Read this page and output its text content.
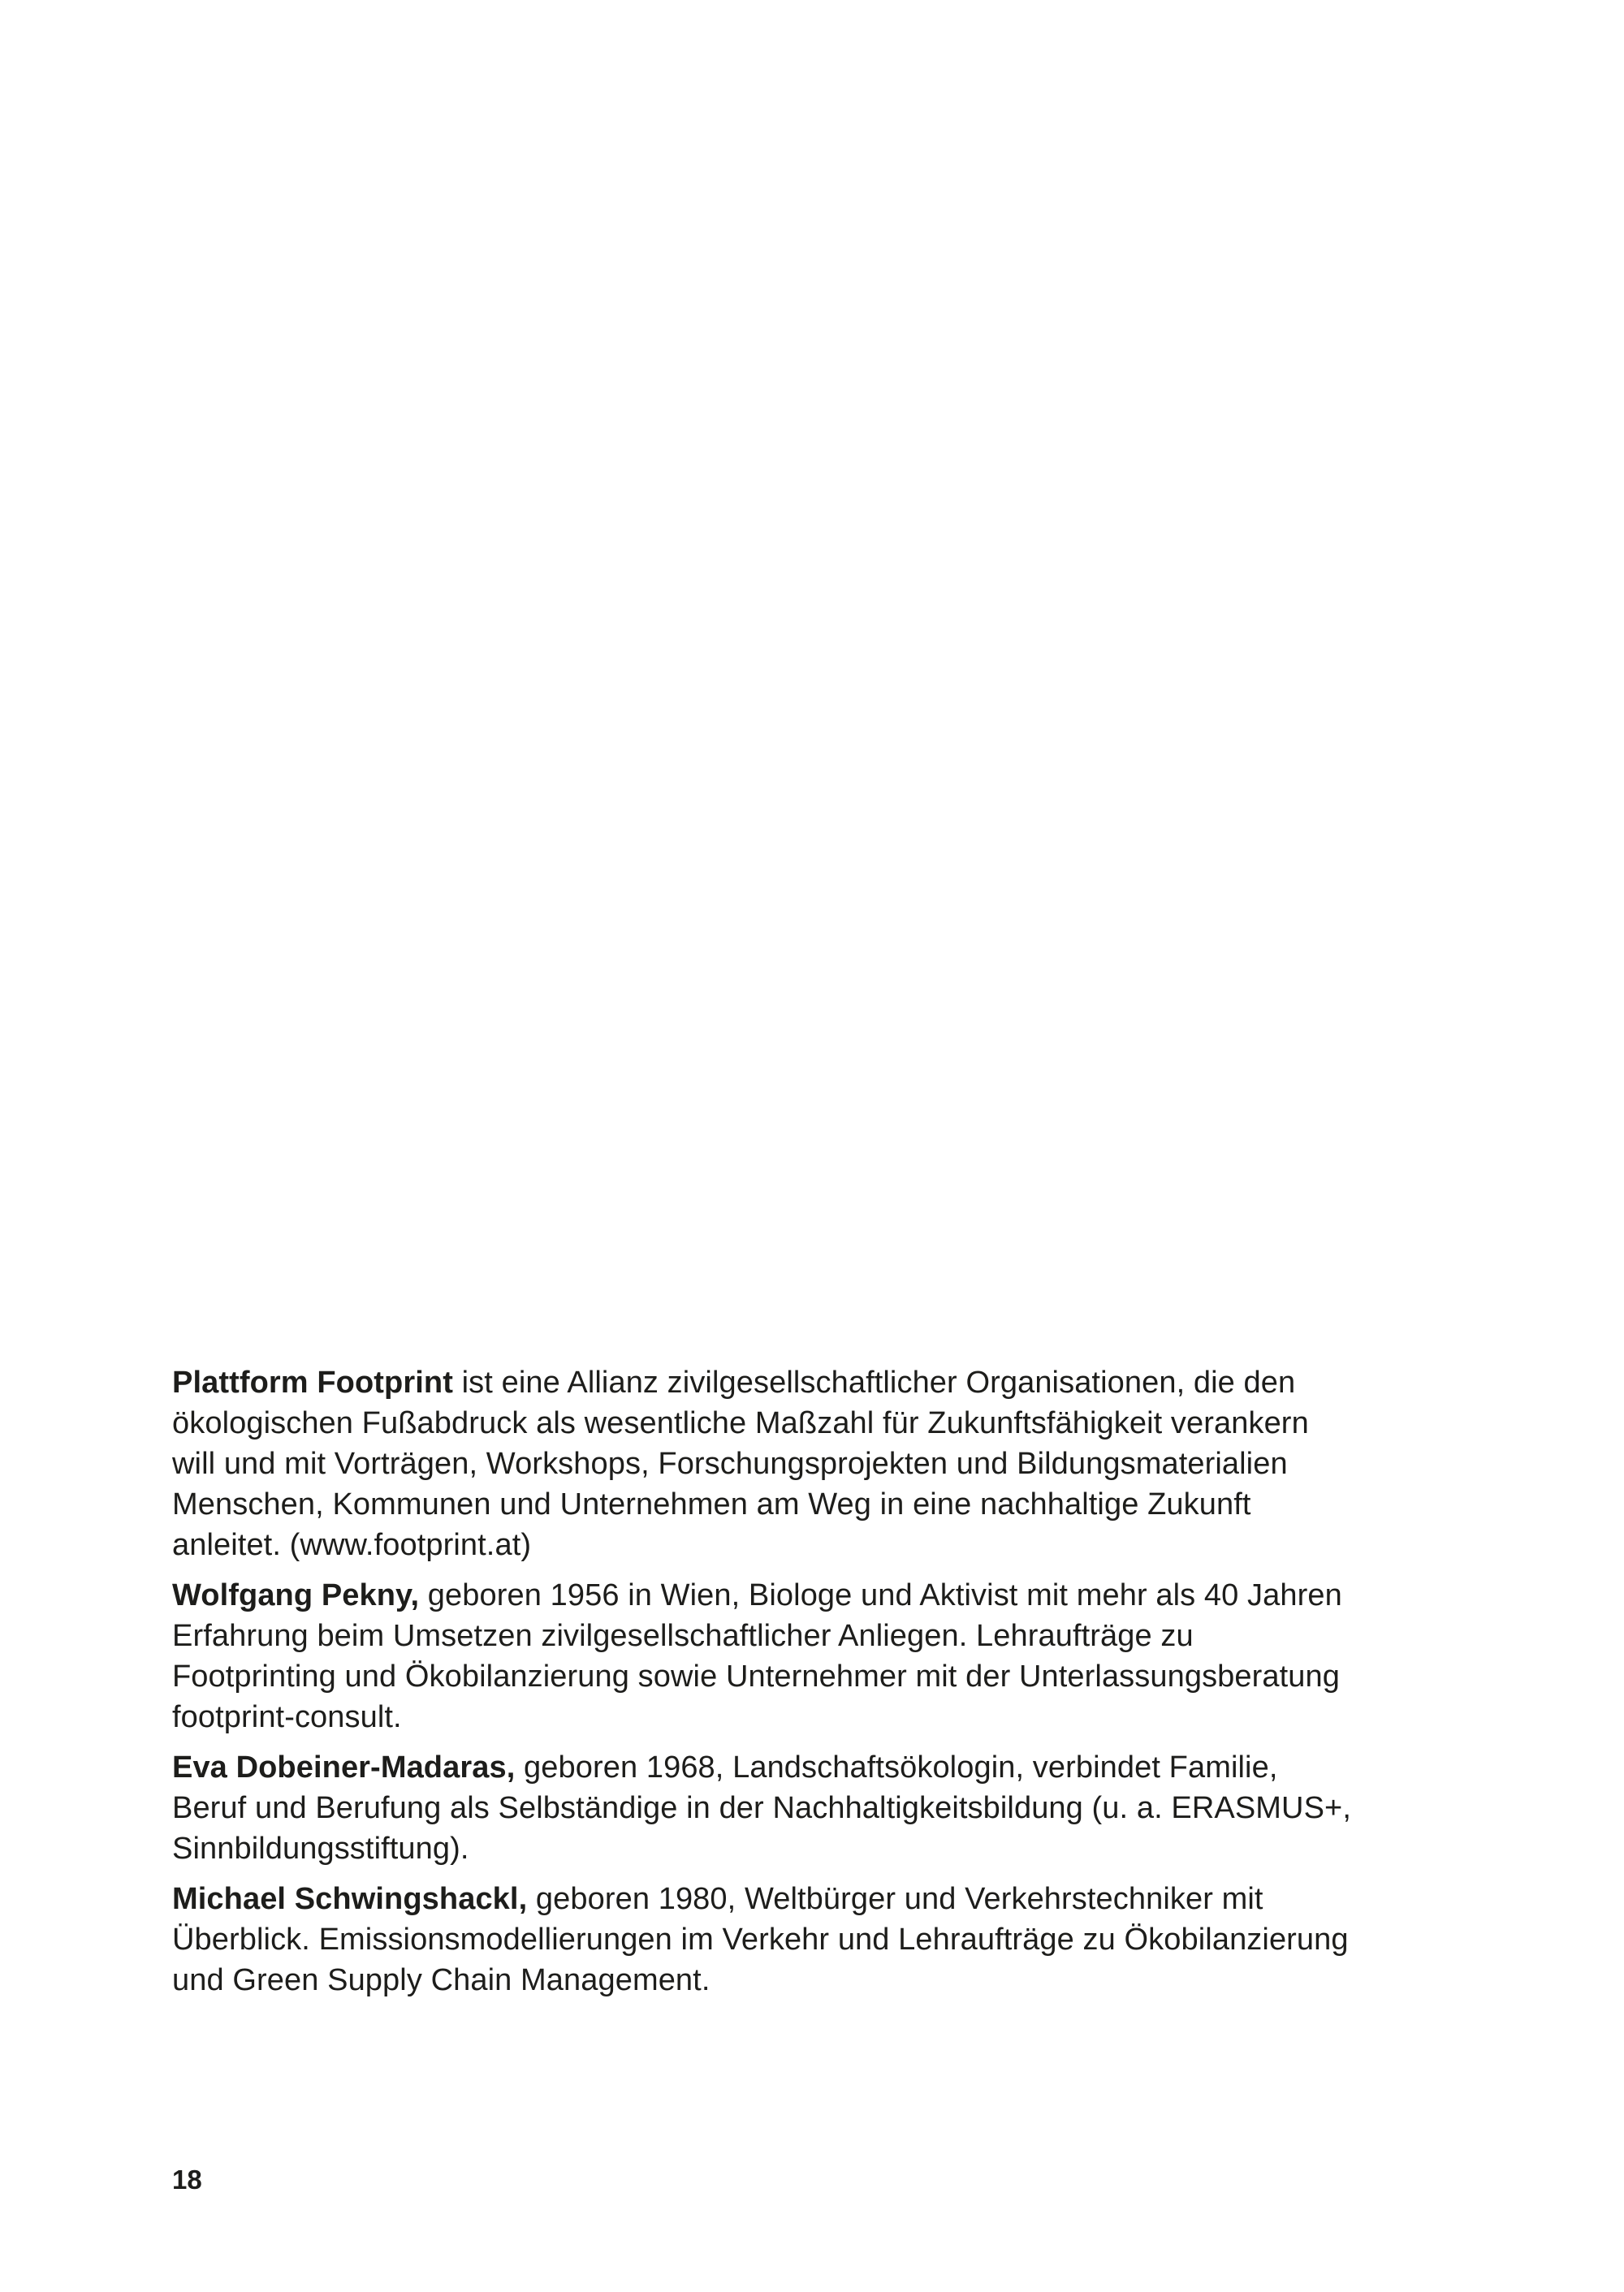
Plattform Footprint ist eine Allianz zivilgesellschaftlicher Organisationen, die den
ökologischen Fußabdruck als wesentliche Maßzahl für Zukunftsfähigkeit verankern
will und mit Vorträgen, Workshops, Forschungsprojekten und Bildungsmaterialien
Menschen, Kommunen und Unternehmen am Weg in eine nachhaltige Zukunft
anleitet. (www.footprint.at)

Wolfgang Pekny, geboren 1956 in Wien, Biologe und Aktivist mit mehr als 40 Jahren
Erfahrung beim Umsetzen zivilgesellschaftlicher Anliegen. Lehraufträge zu
Footprinting und Ökobilanzierung sowie Unternehmer mit der Unterlassungsberatung
footprint-consult.

Eva Dobeiner-Madaras, geboren 1968, Landschaftsökologin, verbindet Familie,
Beruf und Berufung als Selbständige in der Nachhaltigkeitsbildung (u. a. ERASMUS+,
Sinnbildungsstiftung).

Michael Schwingshackl, geboren 1980, Weltbürger und Verkehrstechniker mit
Überblick. Emissionsmodellierungen im Verkehr und Lehraufträge zu Ökobilanzierung
und Green Supply Chain Management.

18
